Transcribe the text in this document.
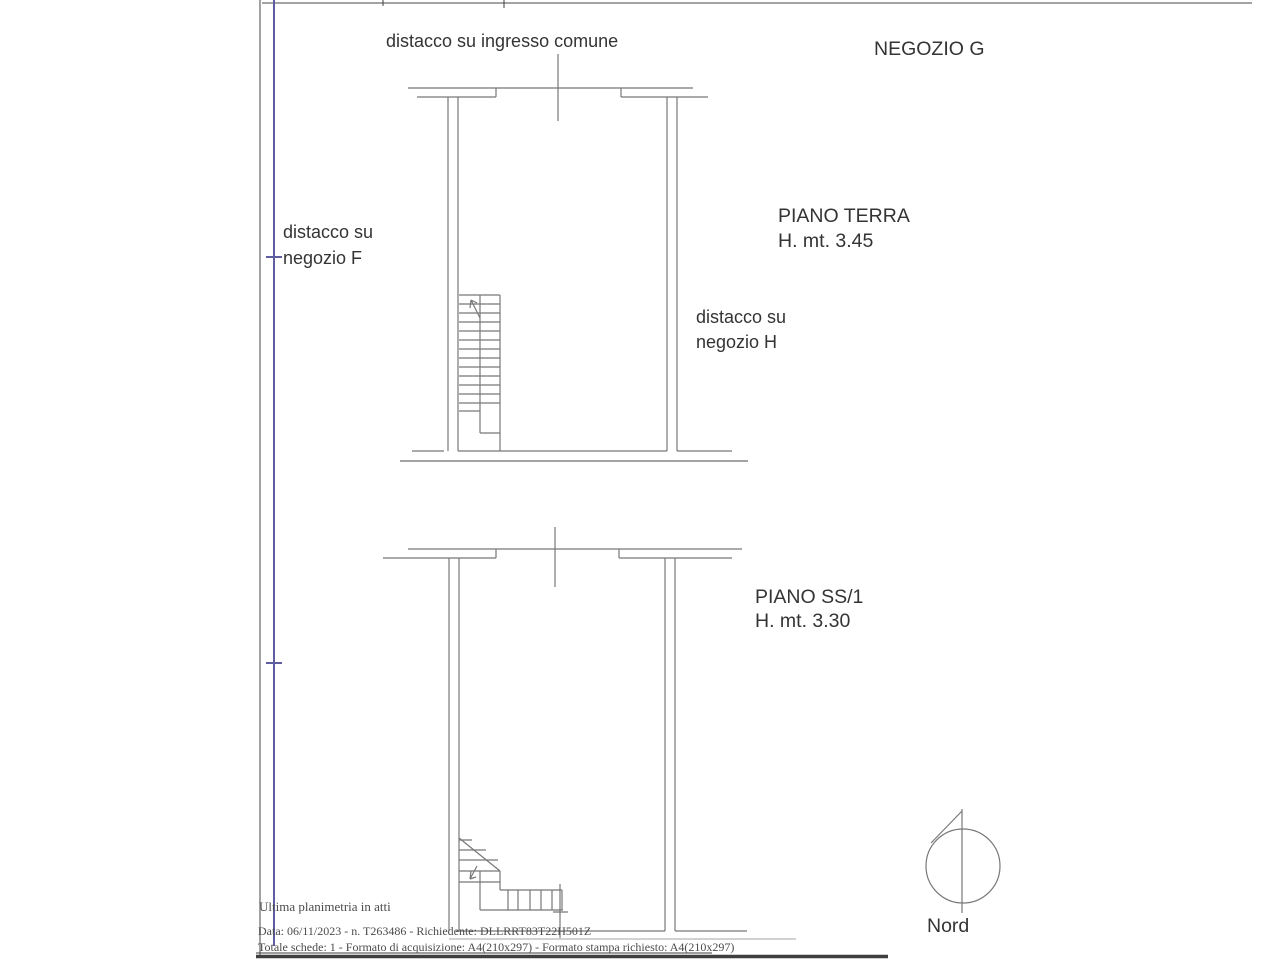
distacco su ingresso comune	NEGOZIO G
PIANO TERRA
H. mt. 3.45
distacco su
negozio F
distacco su
negozio H
PIANO SS/1
H. mt. 3.30
Nord
Ultima planimetria in atti
Data: 06/11/2023 - n. T263486 - Richiedente: DLLRRT83T22H501Z
Totale schede: 1 - Formato di acquisizione: A4(210x297) - Formato stampa richiesto: A4(210x297)
